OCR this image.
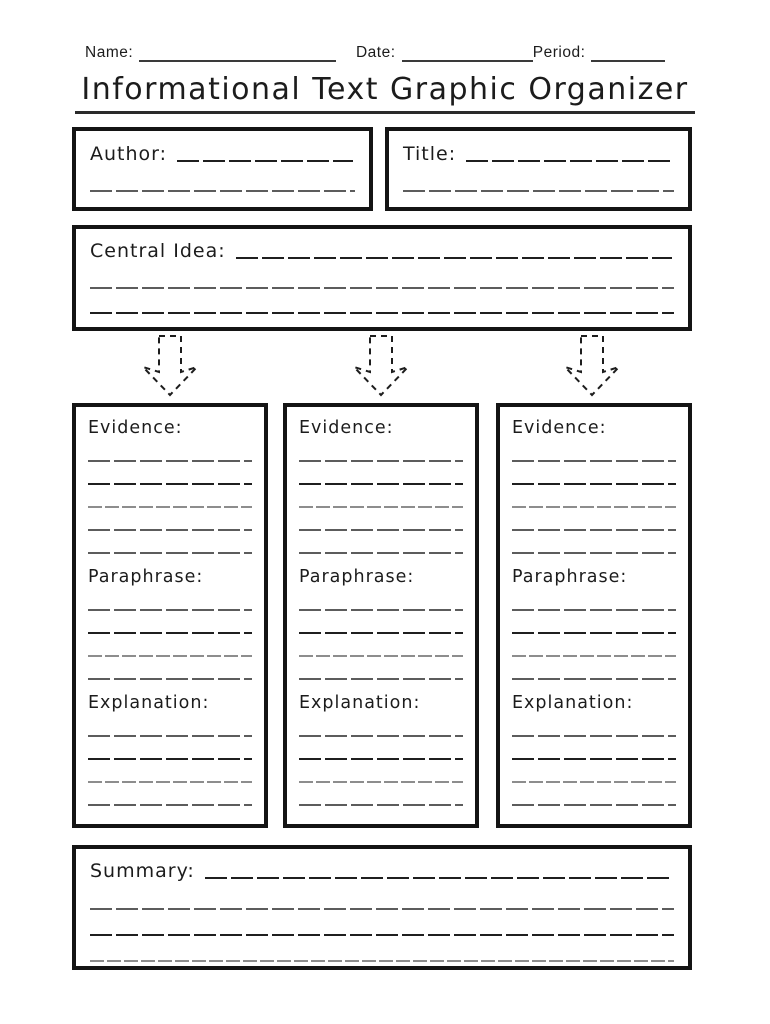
Name:	Date:	Period:
Informational Text Graphic Organizer
Author:	Title:
Central Idea:
Evidence:
Paraphrase:
Explanation:
Evidence:
Paraphrase:
Explanation:
Evidence:
Paraphrase:
Explanation:
Summary:
